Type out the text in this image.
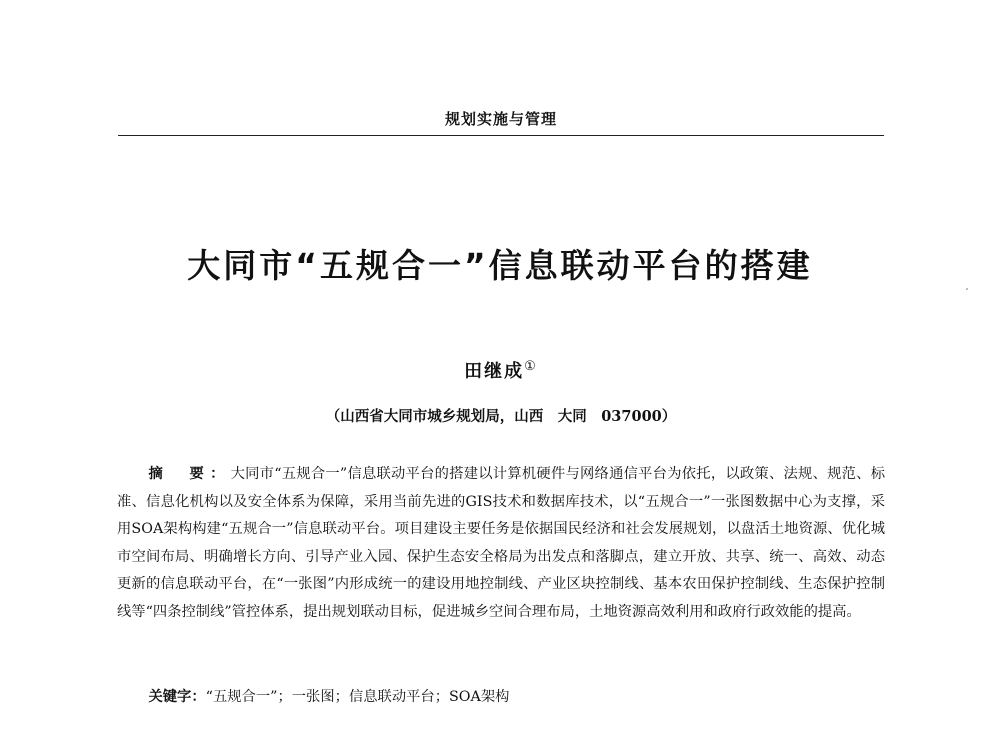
规划实施与管理
大同市“五规合一”信息联动平台的搭建
田继成①
（山西省大同市城乡规划局，山西　大同　037000）
摘　要：大同市“五规合一”信息联动平台的搭建以计算机硬件与网络通信平台为依托，以政策、法规、规范、标准、信息化机构以及安全体系为保障，采用当前先进的GIS技术和数据库技术，以“五规合一”一张图数据中心为支撑，采用SOA架构构建“五规合一”信息联动平台。项目建设主要任务是依据国民经济和社会发展规划，以盘活土地资源、优化城市空间布局、明确增长方向、引导产业入园、保护生态安全格局为出发点和落脚点，建立开放、共享、统一、高效、动态更新的信息联动平台，在“一张图”内形成统一的建设用地控制线、产业区块控制线、基本农田保护控制线、生态保护控制线等“四条控制线”管控体系，提出规划联动目标，促进城乡空间合理布局，土地资源高效利用和政府行政效能的提高。
关键字：“五规合一”；一张图；信息联动平台；SOA架构
